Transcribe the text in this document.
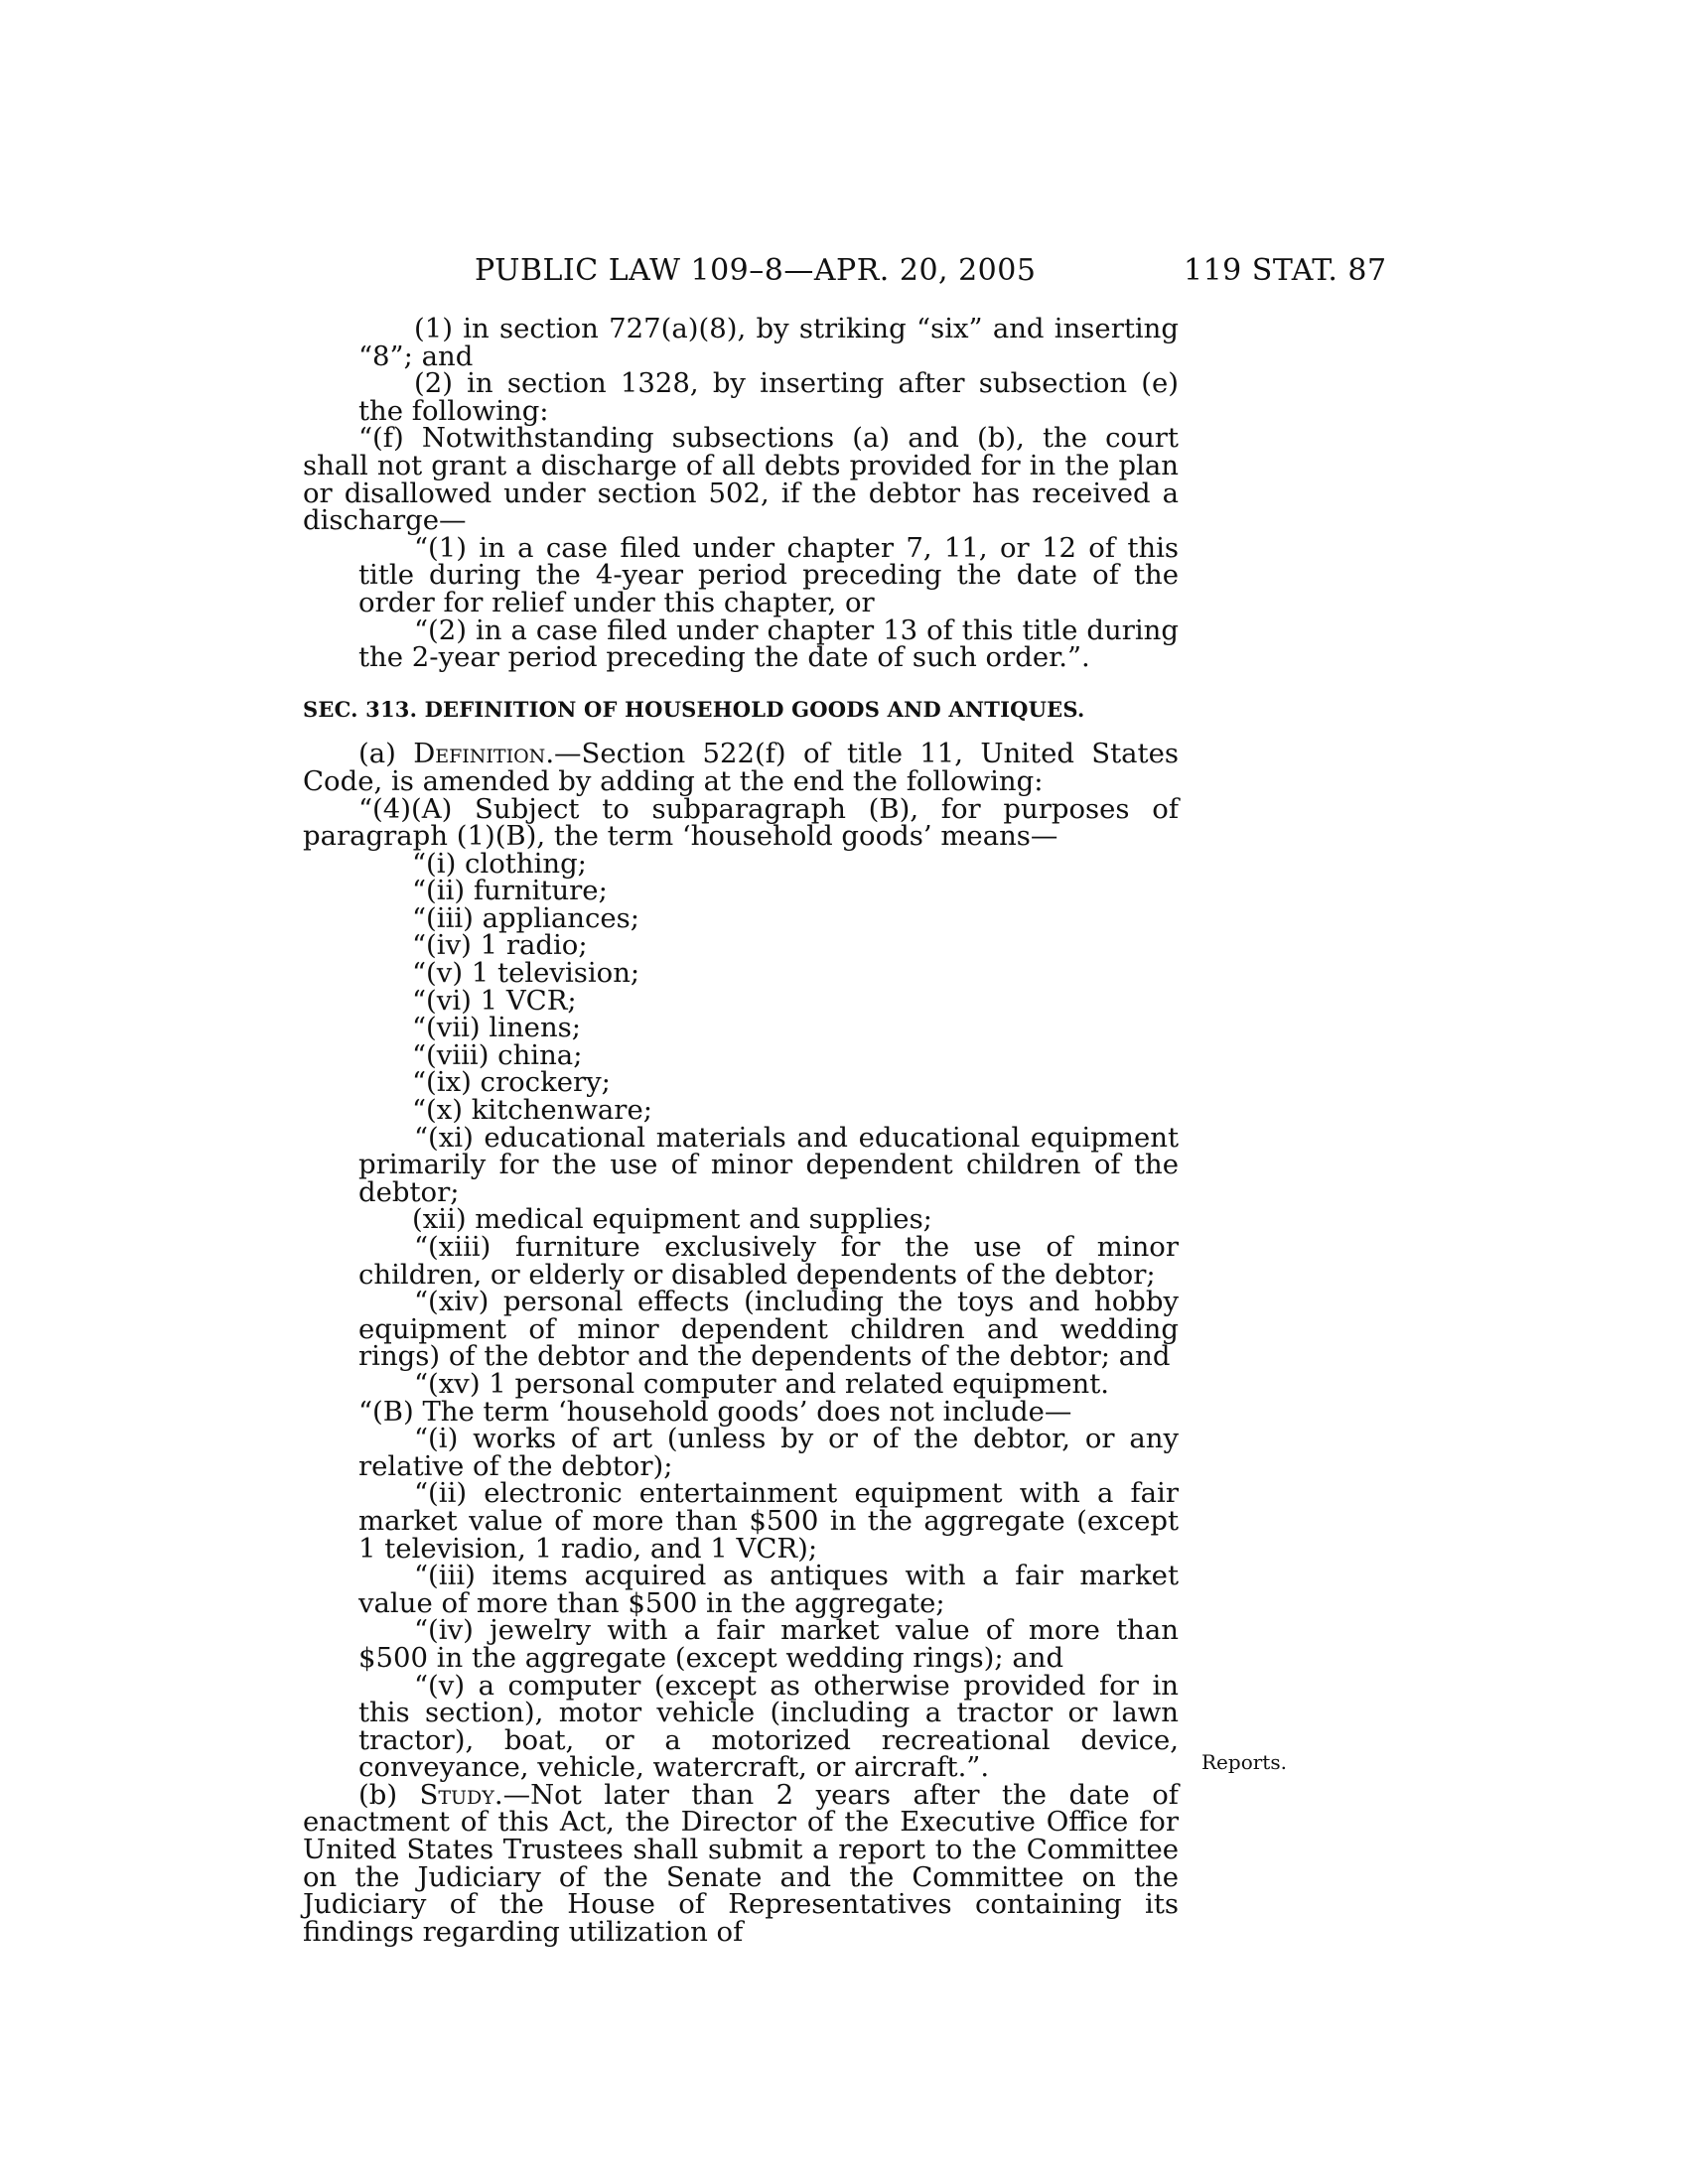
PUBLIC LAW 109–8—APR. 20, 2005	119 STAT. 87

(1) in section 727(a)(8), by striking “six” and inserting “8”; and

(2) in section 1328, by inserting after subsection (e) the following:

“(f) Notwithstanding subsections (a) and (b), the court shall not grant a discharge of all debts provided for in the plan or disallowed under section 502, if the debtor has received a discharge—

“(1) in a case filed under chapter 7, 11, or 12 of this title during the 4-year period preceding the date of the order for relief under this chapter, or

“(2) in a case filed under chapter 13 of this title during the 2-year period preceding the date of such order.”.

SEC. 313. DEFINITION OF HOUSEHOLD GOODS AND ANTIQUES.

(a) Definition.—Section 522(f) of title 11, United States Code, is amended by adding at the end the following:

“(4)(A) Subject to subparagraph (B), for purposes of paragraph (1)(B), the term ‘household goods’ means—

“(i) clothing;
“(ii) furniture;
“(iii) appliances;
“(iv) 1 radio;
“(v) 1 television;
“(vi) 1 VCR;
“(vii) linens;
“(viii) china;
“(ix) crockery;
“(x) kitchenware;

“(xi) educational materials and educational equipment primarily for the use of minor dependent children of the debtor;

(xii) medical equipment and supplies;

“(xiii) furniture exclusively for the use of minor children, or elderly or disabled dependents of the debtor;

“(xiv) personal effects (including the toys and hobby equipment of minor dependent children and wedding rings) of the debtor and the dependents of the debtor; and

“(xv) 1 personal computer and related equipment.

“(B) The term ‘household goods’ does not include—

“(i) works of art (unless by or of the debtor, or any relative of the debtor);

“(ii) electronic entertainment equipment with a fair market value of more than $500 in the aggregate (except 1 television, 1 radio, and 1 VCR);

“(iii) items acquired as antiques with a fair market value of more than $500 in the aggregate;

“(iv) jewelry with a fair market value of more than $500 in the aggregate (except wedding rings); and

“(v) a computer (except as otherwise provided for in this section), motor vehicle (including a tractor or lawn tractor), boat, or a motorized recreational device, conveyance, vehicle, watercraft, or aircraft.”.

(b) Study.—Not later than 2 years after the date of enactment of this Act, the Director of the Executive Office for United States Trustees shall submit a report to the Committee on the Judiciary of the Senate and the Committee on the Judiciary of the House of Representatives containing its findings regarding utilization of

Reports.
